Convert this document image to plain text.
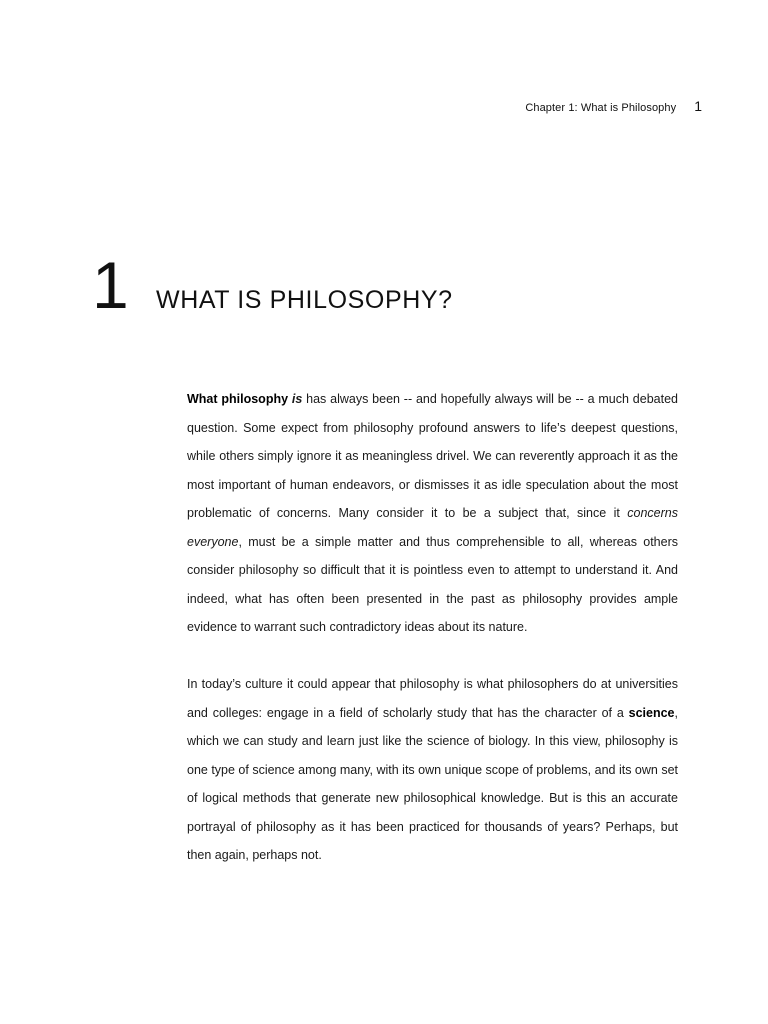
Chapter 1: What is Philosophy 1
1	WHAT IS PHILOSOPHY?

What philosophy is has always been -- and hopefully always will be -- a much debated question. Some expect from philosophy profound answers to life’s deepest questions, while others simply ignore it as meaningless drivel. We can reverently approach it as the most important of human endeavors, or dismisses it as idle speculation about the most problematic of concerns. Many consider it to be a subject that, since it concerns everyone, must be a simple matter and thus comprehensible to all, whereas others consider philosophy so difficult that it is pointless even to attempt to understand it. And indeed, what has often been presented in the past as philosophy provides ample evidence to warrant such contradictory ideas about its nature.

In today’s culture it could appear that philosophy is what philosophers do at universities and colleges: engage in a field of scholarly study that has the character of a science, which we can study and learn just like the science of biology. In this view, philosophy is one type of science among many, with its own unique scope of problems, and its own set of logical methods that generate new philosophical knowledge. But is this an accurate portrayal of philosophy as it has been practiced for thousands of years? Perhaps, but then again, perhaps not.
